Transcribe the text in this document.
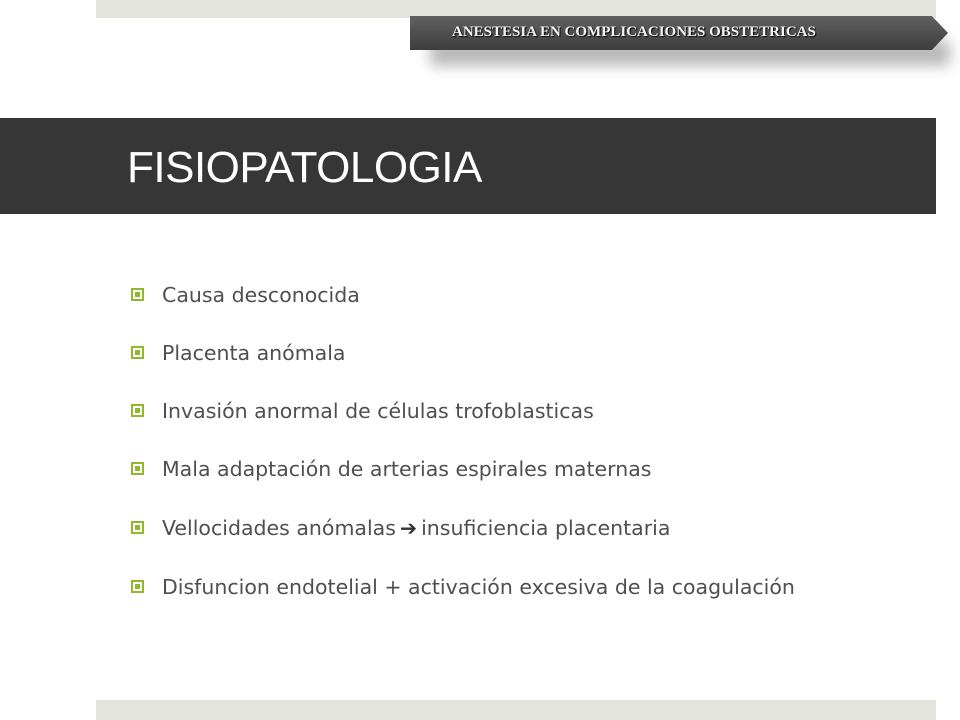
ANESTESIA EN COMPLICACIONES OBSTETRICAS
FISIOPATOLOGIA
Causa desconocida
Placenta anómala
Invasión anormal de células trofoblasticas
Mala adaptación de arterias espirales maternas
Vellocidades anómalas ➔ insuficiencia placentaria
Disfuncion endotelial + activación excesiva de la coagulación
